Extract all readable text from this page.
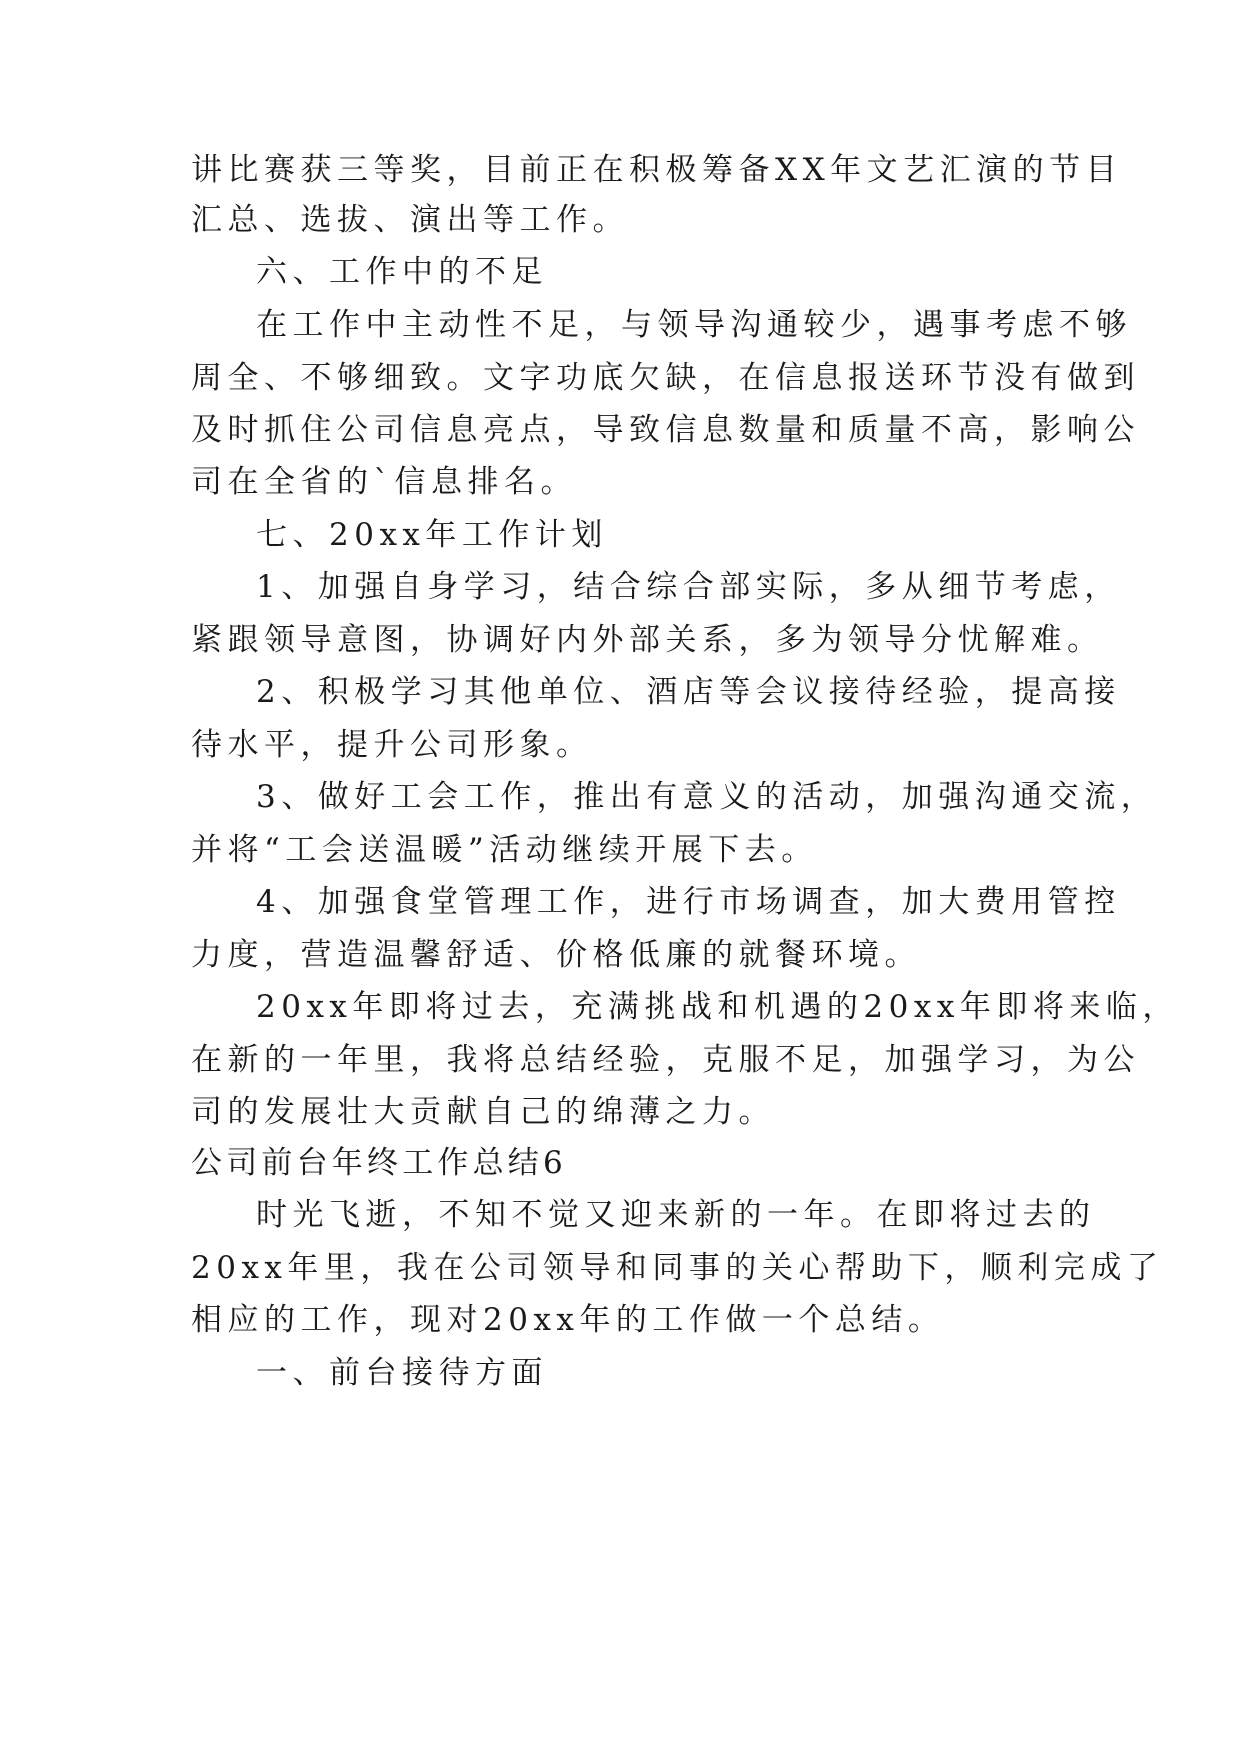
讲比赛获三等奖，目前正在积极筹备XX年文艺汇演的节目
汇总、选拔、演出等工作。
六、工作中的不足
在工作中主动性不足，与领导沟通较少，遇事考虑不够
周全、不够细致。文字功底欠缺，在信息报送环节没有做到
及时抓住公司信息亮点，导致信息数量和质量不高，影响公
司在全省的`信息排名。
七、20xx年工作计划
1、加强自身学习，结合综合部实际，多从细节考虑，
紧跟领导意图，协调好内外部关系，多为领导分忧解难。
2、积极学习其他单位、酒店等会议接待经验，提高接
待水平，提升公司形象。
3、做好工会工作，推出有意义的活动，加强沟通交流，
并将“工会送温暖”活动继续开展下去。
4、加强食堂管理工作，进行市场调查，加大费用管控
力度，营造温馨舒适、价格低廉的就餐环境。
20xx年即将过去，充满挑战和机遇的20xx年即将来临，
在新的一年里，我将总结经验，克服不足，加强学习，为公
司的发展壮大贡献自己的绵薄之力。
公司前台年终工作总结6
时光飞逝，不知不觉又迎来新的一年。在即将过去的
20xx年里，我在公司领导和同事的关心帮助下，顺利完成了
相应的工作，现对20xx年的工作做一个总结。
一、前台接待方面
